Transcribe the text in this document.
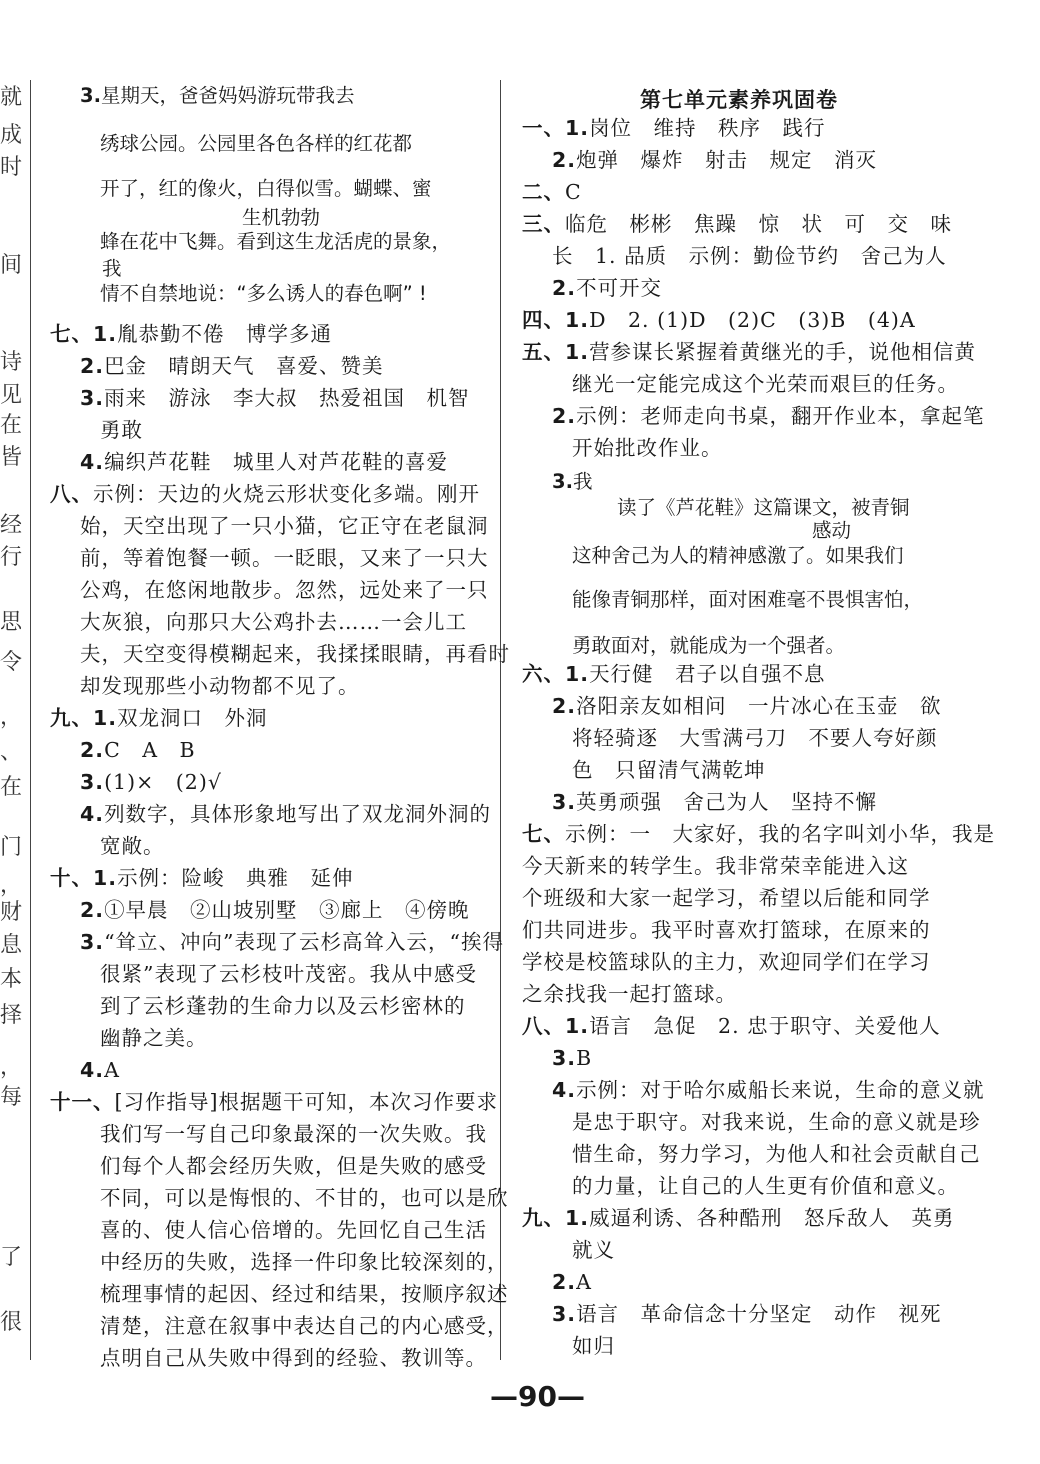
就
成
时
间
诗
见
在
皆
经
行
思
令
，
、
在
门
，
财
息
本
择
，
每
了
很
3.星期天，爸爸妈妈游玩带我去
绣球公园。公园里各色各样的红花都
开了，红的像火，白得似雪。蝴蝶、蜜
生机勃勃
蜂在花中飞舞。看到这生龙活虎的景象，
我
情不自禁地说：“多么诱人的春色啊” !
七、1.胤恭勤不倦　博学多通
2.巴金　晴朗天气　喜爱、赞美
3.雨来　游泳　李大叔　热爱祖国　机智
勇敢
4.编织芦花鞋　城里人对芦花鞋的喜爱
八、示例：天边的火烧云形状变化多端。刚开
始，天空出现了一只小猫，它正守在老鼠洞
前，等着饱餐一顿。一眨眼，又来了一只大
公鸡，在悠闲地散步。忽然，远处来了一只
大灰狼，向那只大公鸡扑去……一会儿工
夫，天空变得模糊起来，我揉揉眼睛，再看时
却发现那些小动物都不见了。
九、1.双龙洞口　外洞
2.C　A　B
3.(1)×　(2)√
4.列数字，具体形象地写出了双龙洞外洞的
宽敞。
十、1.示例：险峻　典雅　延伸
2.①早晨　②山坡别墅　③廊上　④傍晚
3.“耸立、冲向”表现了云杉高耸入云，“挨得
很紧”表现了云杉枝叶茂密。我从中感受
到了云杉蓬勃的生命力以及云杉密林的
幽静之美。
4.A
十一、[习作指导]根据题干可知，本次习作要求
我们写一写自己印象最深的一次失败。我
们每个人都会经历失败，但是失败的感受
不同，可以是悔恨的、不甘的，也可以是欣
喜的、使人信心倍增的。先回忆自己生活
中经历的失败，选择一件印象比较深刻的，
梳理事情的起因、经过和结果，按顺序叙述
清楚，注意在叙事中表达自己的内心感受，
点明自己从失败中得到的经验、教训等。
第七单元素养巩固卷
一、1.岗位　维持　秩序　践行
2.炮弹　爆炸　射击　规定　消灭
二、C
三、临危　彬彬　焦躁　惊　状　可　交　味
长　1. 品质　示例：勤俭节约　舍己为人
2.不可开交
四、1.D　2. (1)D　(2)C　(3)B　(4)A
五、1.营参谋长紧握着黄继光的手，说他相信黄
继光一定能完成这个光荣而艰巨的任务。
2.示例：老师走向书桌，翻开作业本，拿起笔
开始批改作业。
3.我
读了《芦花鞋》这篇课文，被青铜
感动
这种舍己为人的精神感激了。如果我们
能像青铜那样，面对困难毫不畏惧害怕，
勇敢面对，就能成为一个强者。
六、1.天行健　君子以自强不息
2.洛阳亲友如相问　一片冰心在玉壶　欲
将轻骑逐　大雪满弓刀　不要人夸好颜
色　只留清气满乾坤
3.英勇顽强　舍己为人　坚持不懈
七、示例：一　大家好，我的名字叫刘小华，我是
今天新来的转学生。我非常荣幸能进入这
个班级和大家一起学习，希望以后能和同学
们共同进步。我平时喜欢打篮球，在原来的
学校是校篮球队的主力，欢迎同学们在学习
之余找我一起打篮球。
八、1.语言　急促　2. 忠于职守、关爱他人
3.B
4.示例：对于哈尔威船长来说，生命的意义就
是忠于职守。对我来说，生命的意义就是珍
惜生命，努力学习，为他人和社会贡献自己
的力量，让自己的人生更有价值和意义。
九、1.威逼利诱、各种酷刑　怒斥敌人　英勇
就义
2.A
3.语言　革命信念十分坚定　动作　视死
如归
—90—
